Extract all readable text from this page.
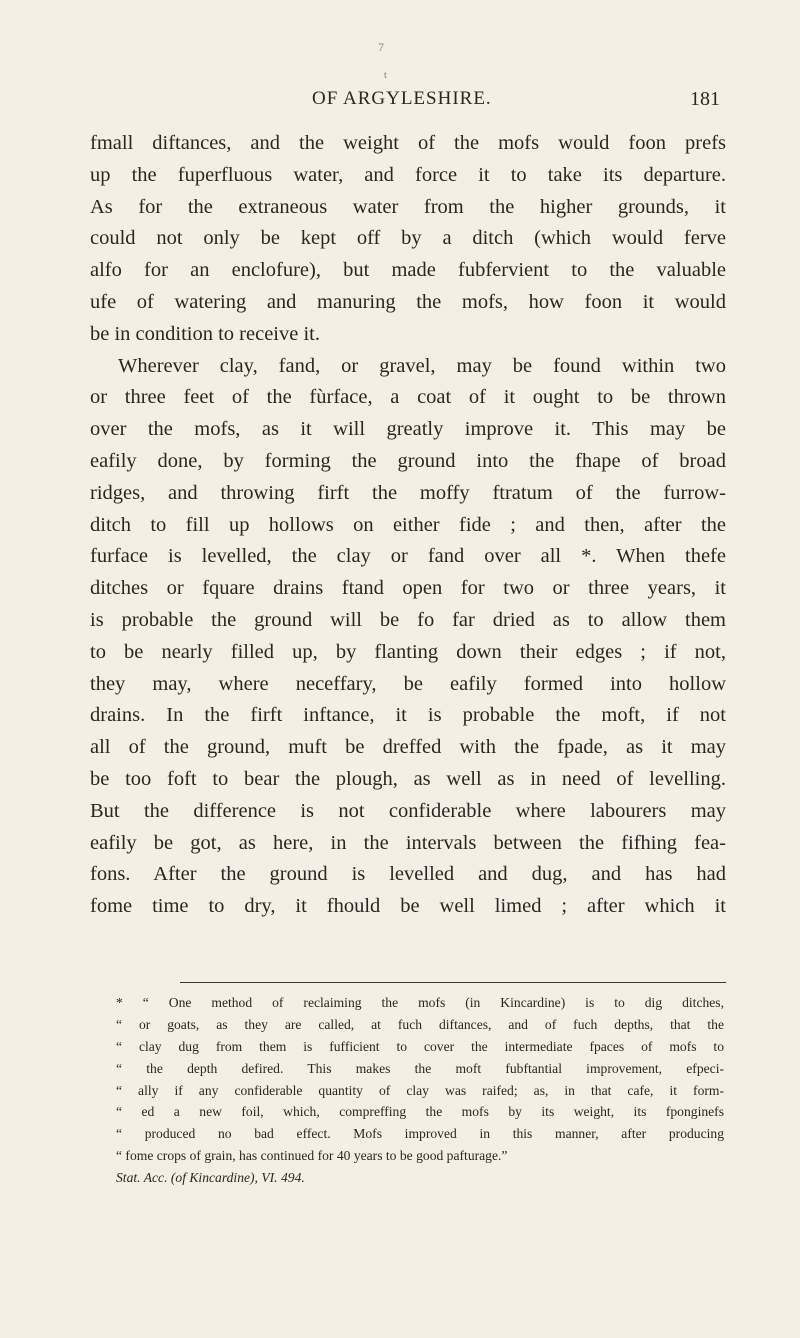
7
t
OF ARGYLESHIRE.	181
fmall diftances, and the weight of the mofs would foon prefs
up the fuperfluous water, and force it to take its departure.
As for the extraneous water from the higher grounds, it
could not only be kept off by a ditch (which would ferve
alfo for an enclofure), but made fubfervient to the valuable
ufe of watering and manuring the mofs, how foon it would
be in condition to receive it.
Wherever clay, fand, or gravel, may be found within two
or three feet of the fùrface, a coat of it ought to be thrown
over the mofs, as it will greatly improve it. This may be
eafily done, by forming the ground into the fhape of broad
ridges, and throwing firft the moffy ftratum of the furrow-
ditch to fill up hollows on either fide ; and then, after the
furface is levelled, the clay or fand over all *. When thefe
ditches or fquare drains ftand open for two or three years, it
is probable the ground will be fo far dried as to allow them
to be nearly filled up, by flanting down their edges ; if not,
they may, where neceffary, be eafily formed into hollow
drains. In the firft inftance, it is probable the moft, if not
all of the ground, muft be dreffed with the fpade, as it may
be too foft to bear the plough, as well as in need of levelling.
But the difference is not confiderable where labourers may
eafily be got, as here, in the intervals between the fifhing fea-
fons. After the ground is levelled and dug, and has had
fome time to dry, it fhould be well limed ; after which it
* “ One method of reclaiming the mofs (in Kincardine) is to dig ditches,
“ or goats, as they are called, at fuch diftances, and of fuch depths, that the
“ clay dug from them is fufficient to cover the intermediate fpaces of mofs to
“ the depth defired. This makes the moft fubftantial improvement, efpeci-
“ ally if any confiderable quantity of clay was raifed; as, in that cafe, it form-
“ ed a new foil, which, compreffing the mofs by its weight, its fponginefs
“ produced no bad effect. Mofs improved in this manner, after producing
“ fome crops of grain, has continued for 40 years to be good pafturage.”
Stat. Acc. (of Kincardine), VI. 494.
